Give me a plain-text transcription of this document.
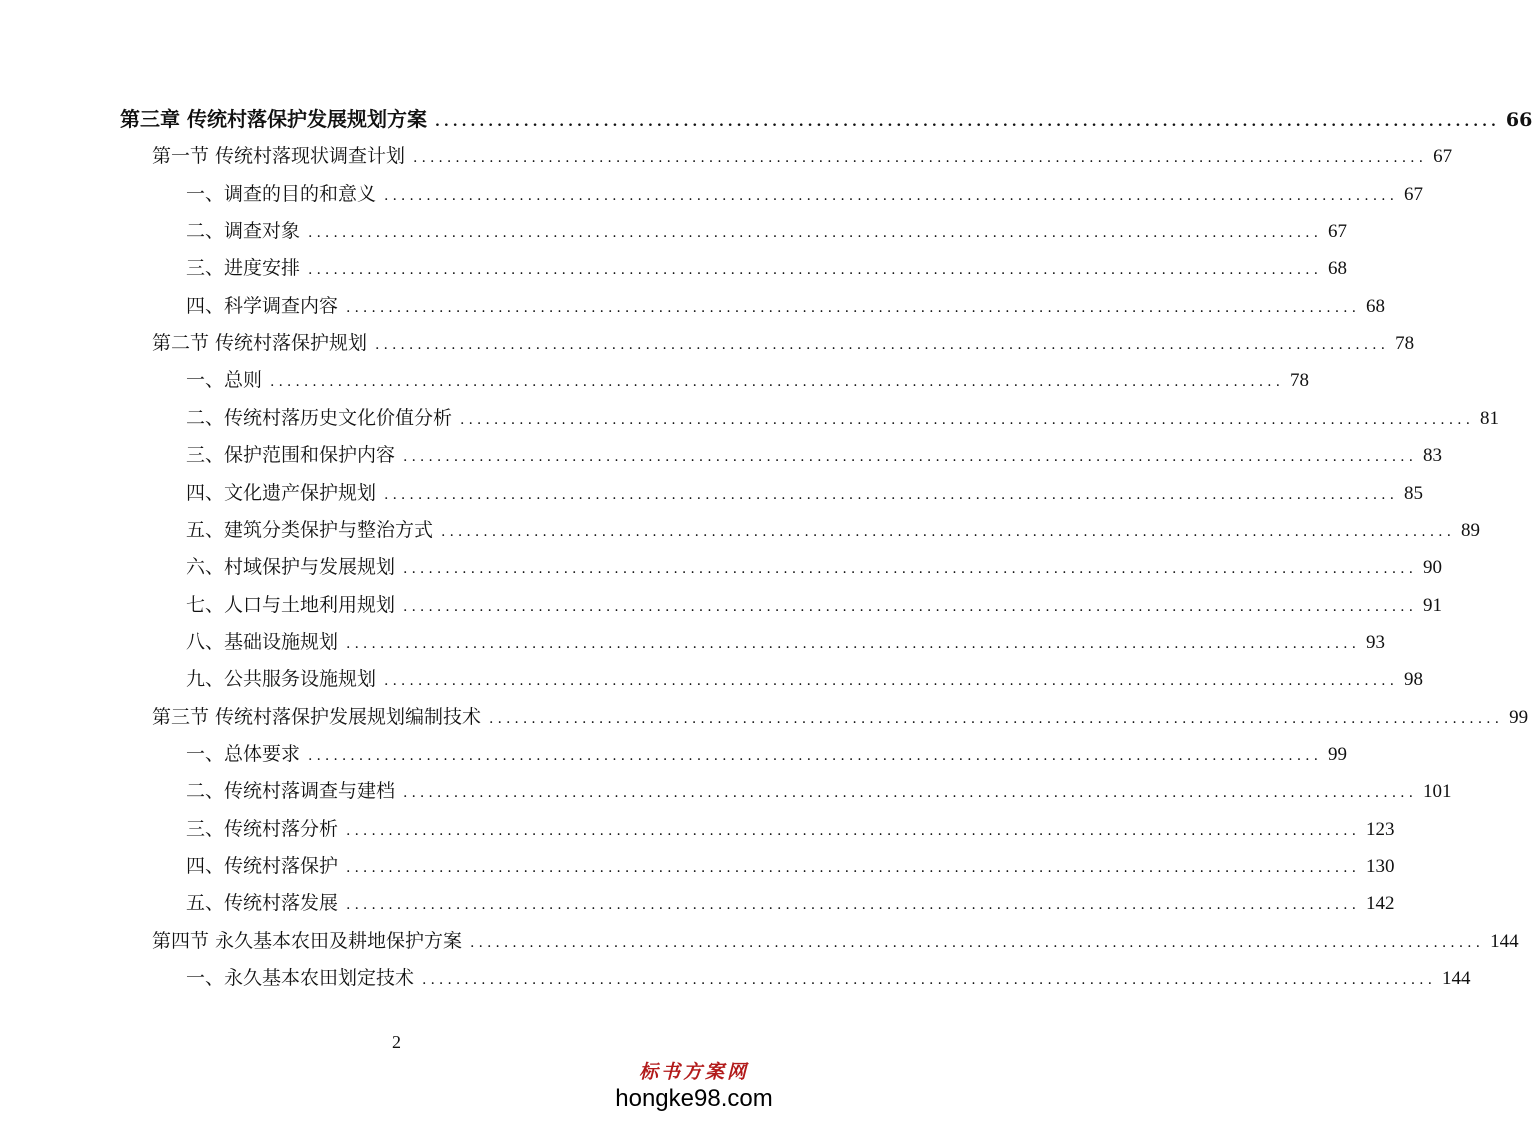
第三章 传统村落保护发展规划方案 ........................................................................................................................ 66
第一节 传统村落现状调查计划 ........................................................................................................................ 67
一、调查的目的和意义 ........................................................................................................................ 67
二、调查对象 ........................................................................................................................ 67
三、进度安排 ........................................................................................................................ 68
四、科学调查内容 ........................................................................................................................ 68
第二节 传统村落保护规划 ........................................................................................................................ 78
一、总则 ........................................................................................................................ 78
二、传统村落历史文化价值分析 ........................................................................................................................ 81
三、保护范围和保护内容 ........................................................................................................................ 83
四、文化遗产保护规划 ........................................................................................................................ 85
五、建筑分类保护与整治方式 ........................................................................................................................ 89
六、村域保护与发展规划 ........................................................................................................................ 90
七、人口与土地利用规划 ........................................................................................................................ 91
八、基础设施规划 ........................................................................................................................ 93
九、公共服务设施规划 ........................................................................................................................ 98
第三节 传统村落保护发展规划编制技术 ........................................................................................................................ 99
一、总体要求 ........................................................................................................................ 99
二、传统村落调查与建档 ........................................................................................................................ 101
三、传统村落分析 ........................................................................................................................ 123
四、传统村落保护 ........................................................................................................................ 130
五、传统村落发展 ........................................................................................................................ 142
第四节 永久基本农田及耕地保护方案 ........................................................................................................................ 144
一、永久基本农田划定技术 ........................................................................................................................ 144
2
标书方案网
hongke98.com
